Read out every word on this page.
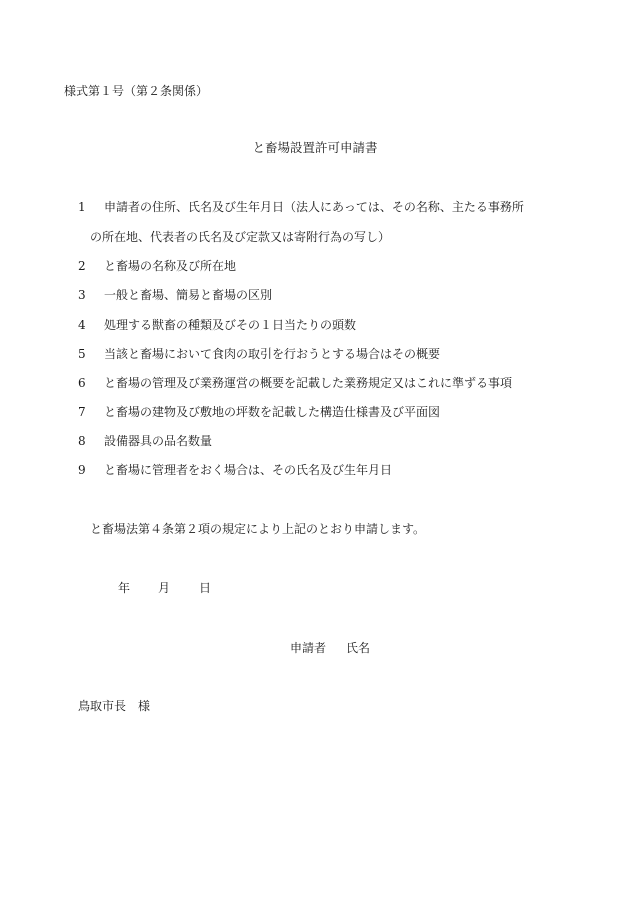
様式第１号（第２条関係）
と畜場設置許可申請書
1	申請者の住所、氏名及び生年月日（法人にあっては、その名称、主たる事務所
の所在地、代表者の氏名及び定款又は寄附行為の写し）
2	と畜場の名称及び所在地
3	一般と畜場、簡易と畜場の区別
4	処理する獣畜の種類及びその１日当たりの頭数
5	当該と畜場において食肉の取引を行おうとする場合はその概要
6	と畜場の管理及び業務運営の概要を記載した業務規定又はこれに準ずる事項
7	と畜場の建物及び敷地の坪数を記載した構造仕様書及び平面図
8	設備器具の品名数量
9	と畜場に管理者をおく場合は、その氏名及び生年月日
と畜場法第４条第２項の規定により上記のとおり申請します。
年 月 日
申請者 氏名
鳥取市長　様
